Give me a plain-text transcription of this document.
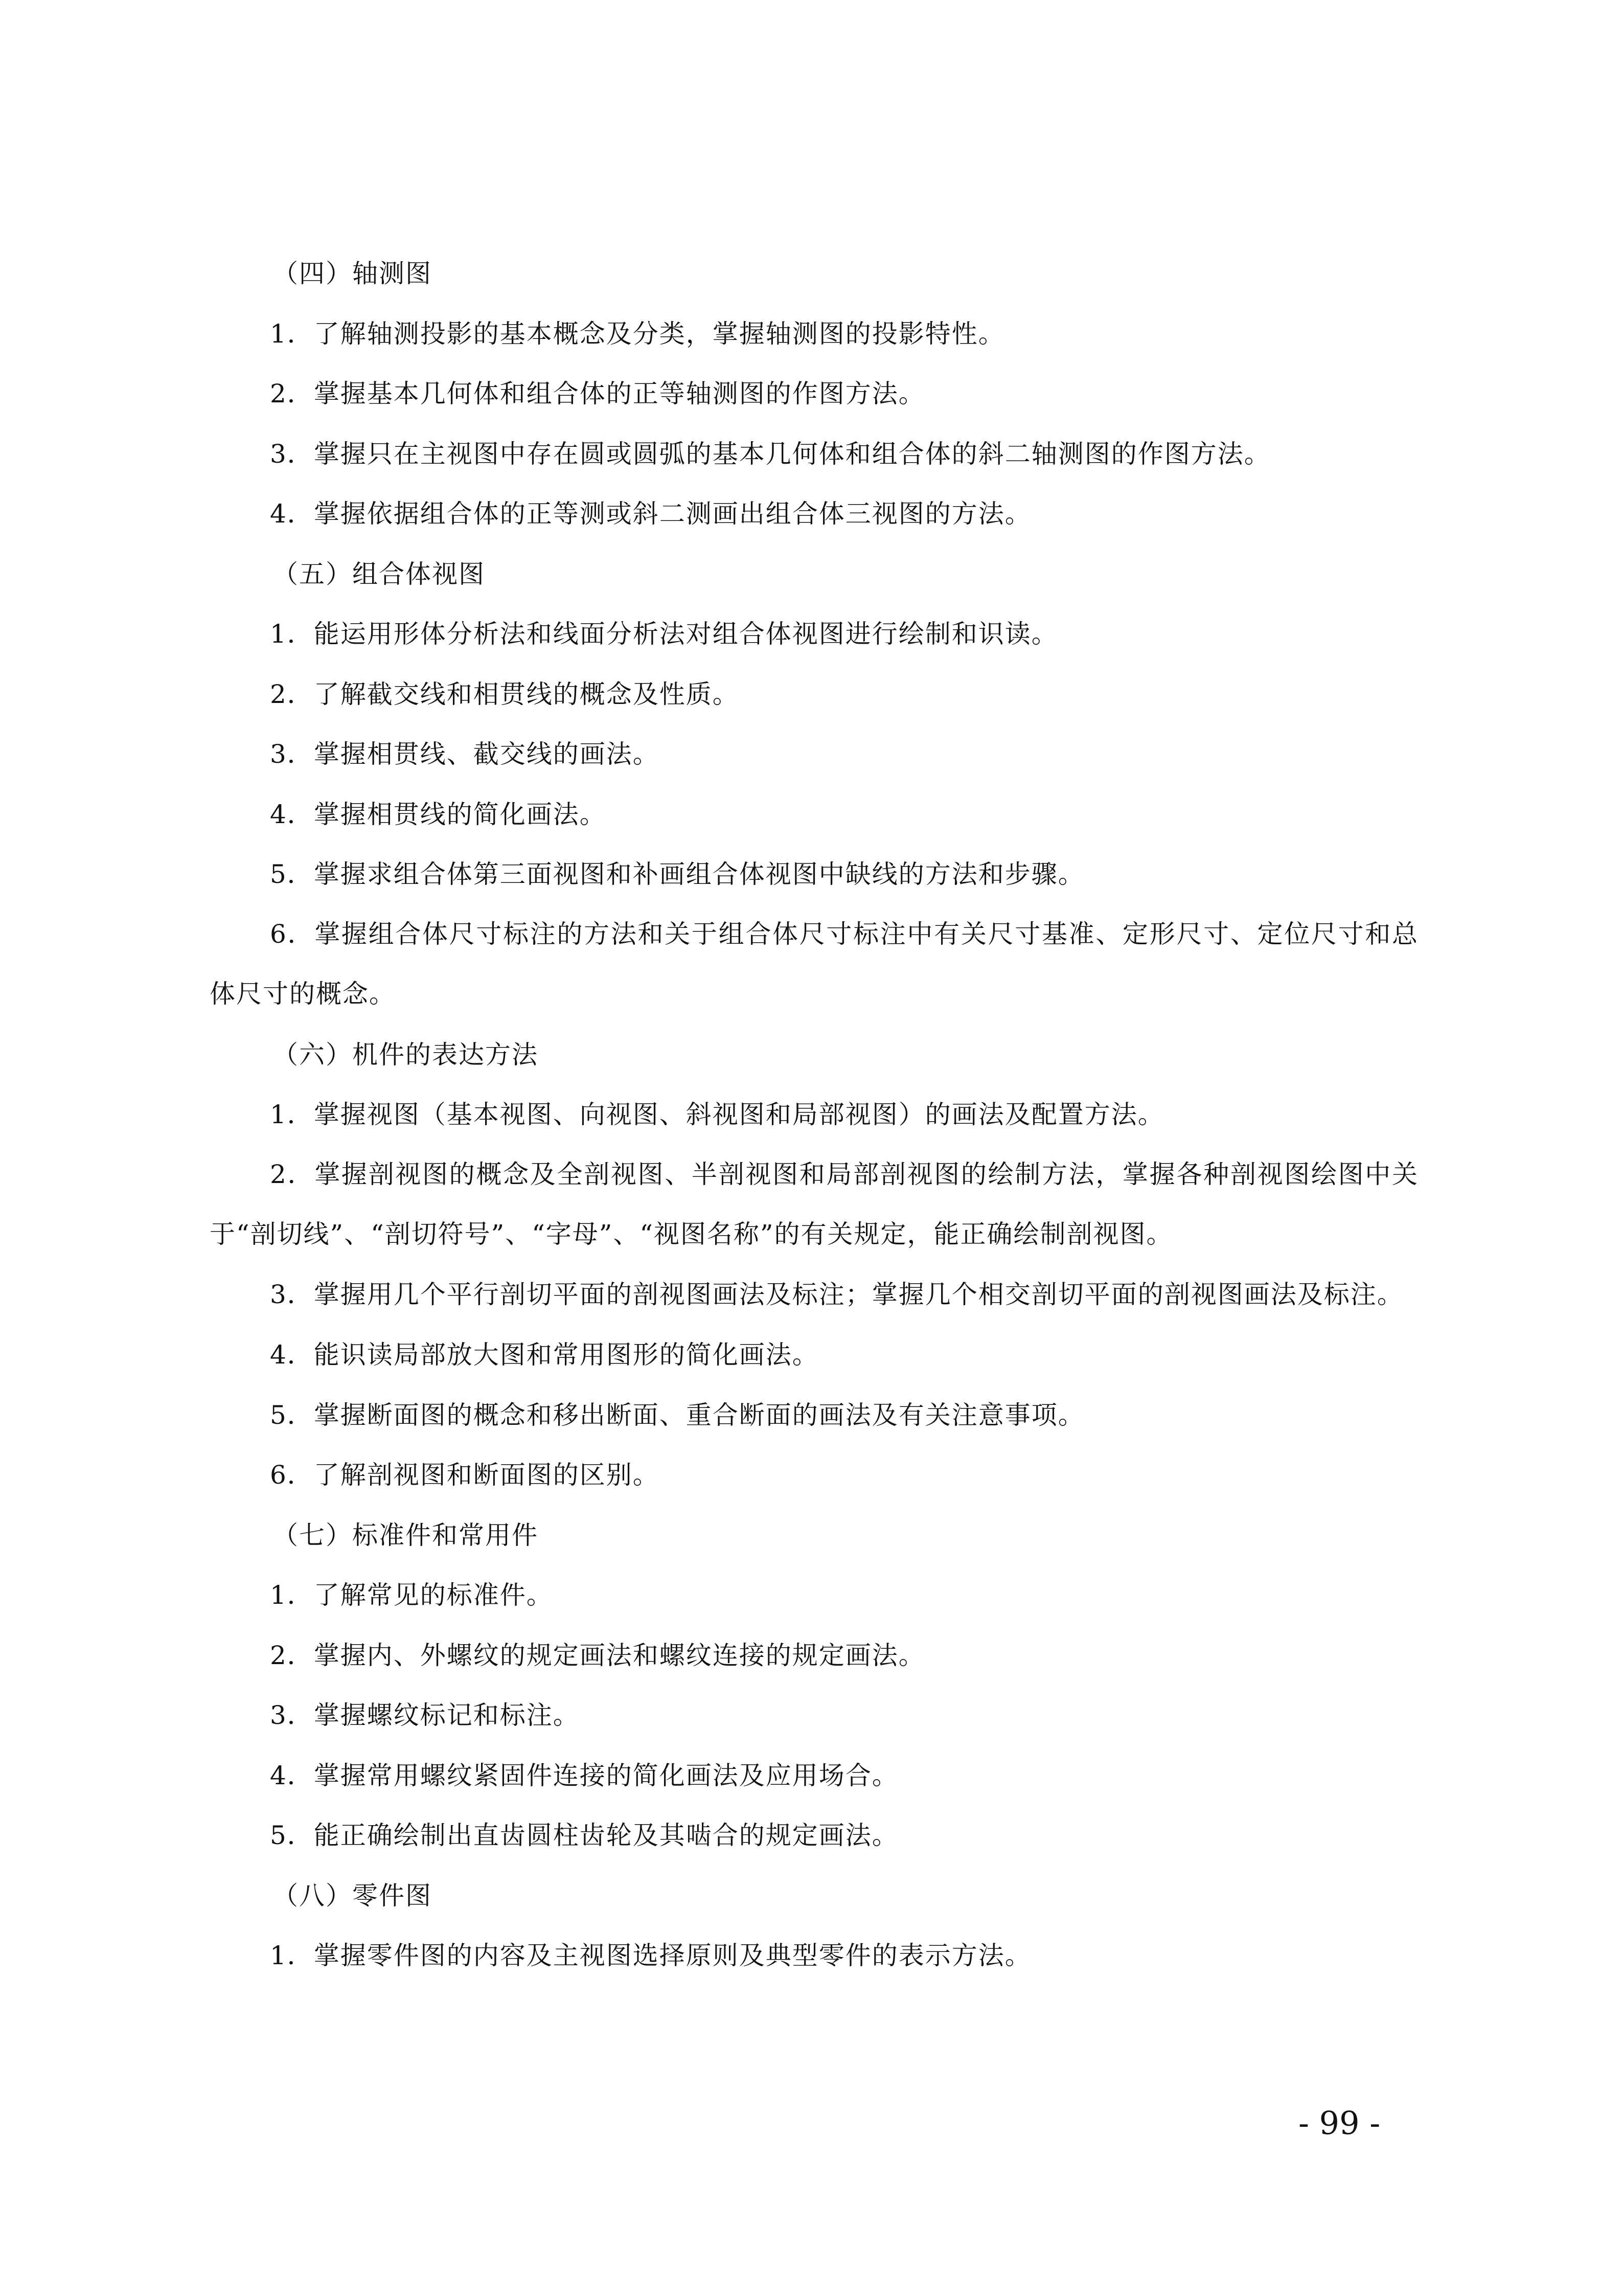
（四）轴测图
1．了解轴测投影的基本概念及分类，掌握轴测图的投影特性。
2．掌握基本几何体和组合体的正等轴测图的作图方法。
3．掌握只在主视图中存在圆或圆弧的基本几何体和组合体的斜二轴测图的作图方法。
4．掌握依据组合体的正等测或斜二测画出组合体三视图的方法。
（五）组合体视图
1．能运用形体分析法和线面分析法对组合体视图进行绘制和识读。
2．了解截交线和相贯线的概念及性质。
3．掌握相贯线、截交线的画法。
4．掌握相贯线的简化画法。
5．掌握求组合体第三面视图和补画组合体视图中缺线的方法和步骤。
6．掌握组合体尺寸标注的方法和关于组合体尺寸标注中有关尺寸基准、定形尺寸、定位尺寸和总体尺寸的概念。
（六）机件的表达方法
1．掌握视图（基本视图、向视图、斜视图和局部视图）的画法及配置方法。
2．掌握剖视图的概念及全剖视图、半剖视图和局部剖视图的绘制方法，掌握各种剖视图绘图中关于“剖切线”、“剖切符号”、“字母”、“视图名称”的有关规定，能正确绘制剖视图。
3．掌握用几个平行剖切平面的剖视图画法及标注；掌握几个相交剖切平面的剖视图画法及标注。
4．能识读局部放大图和常用图形的简化画法。
5．掌握断面图的概念和移出断面、重合断面的画法及有关注意事项。
6．了解剖视图和断面图的区别。
（七）标准件和常用件
1．了解常见的标准件。
2．掌握内、外螺纹的规定画法和螺纹连接的规定画法。
3．掌握螺纹标记和标注。
4．掌握常用螺纹紧固件连接的简化画法及应用场合。
5．能正确绘制出直齿圆柱齿轮及其啮合的规定画法。
（八）零件图
1．掌握零件图的内容及主视图选择原则及典型零件的表示方法。
- 99 -
